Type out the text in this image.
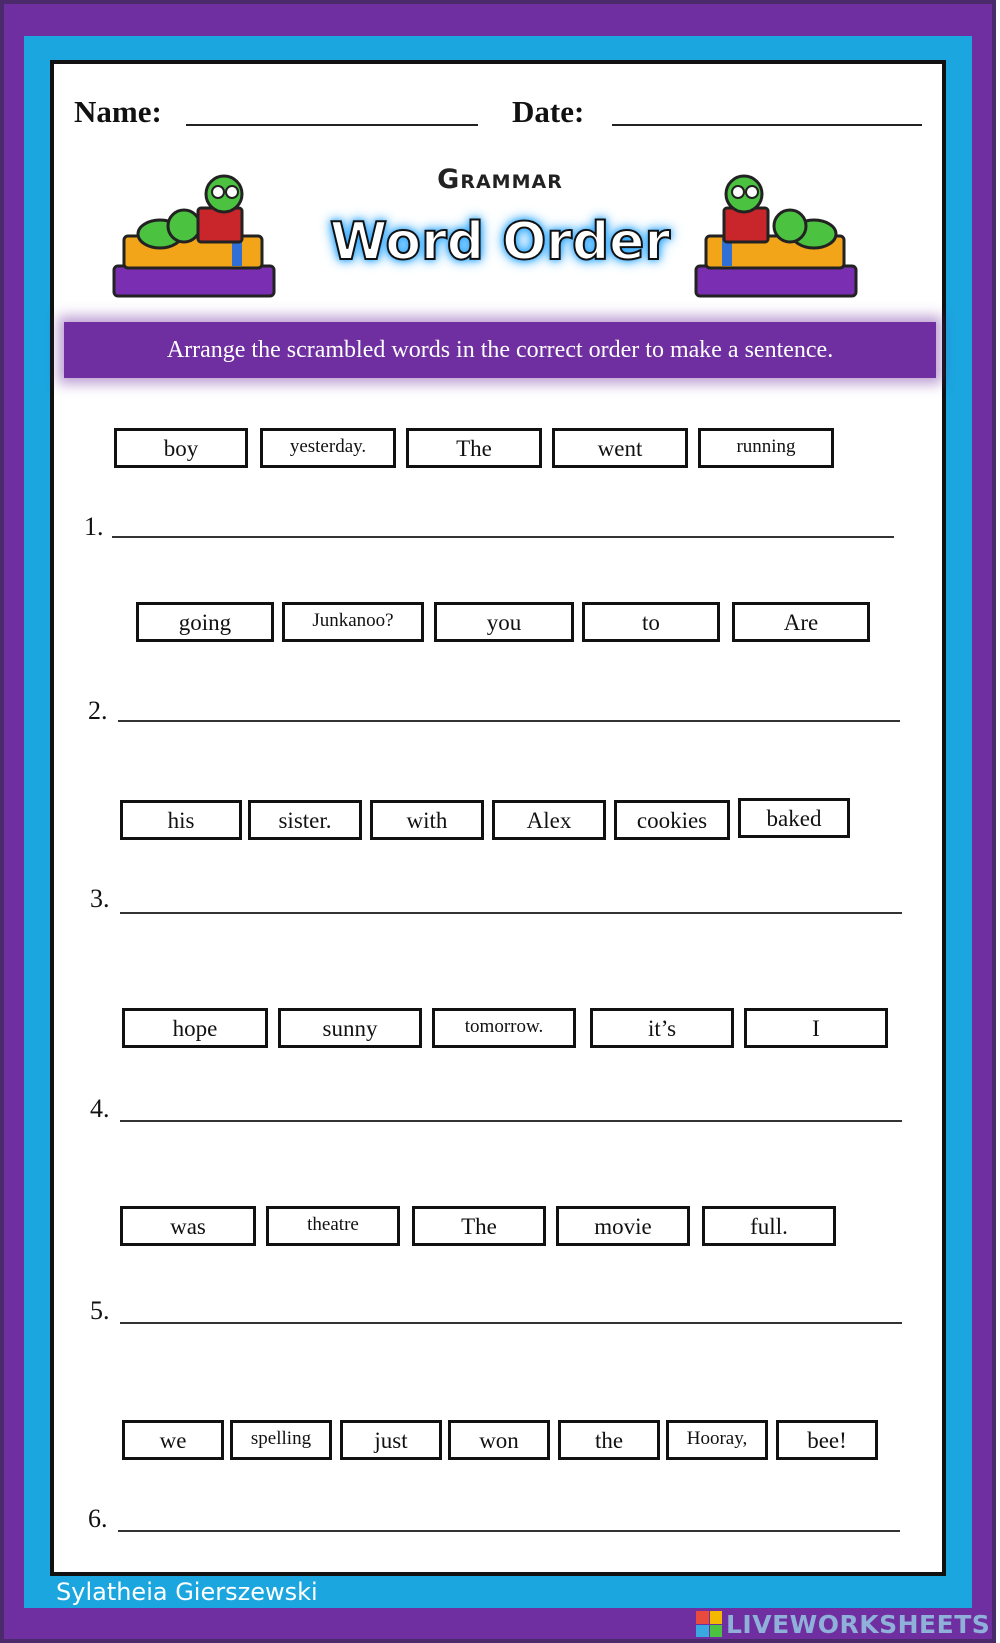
Name:	Date:
Grammar
Word Order
Arrange the scrambled words in the correct order to make a sentence.
boy	yesterday.	The	went	running
1.
going	Junkanoo?	you	to	Are
2.
his	sister.	with	Alex	cookies	baked
3.
hope	sunny	tomorrow.	it’s	I
4.
was	theatre	The	movie	full.
5.
we	spelling	just	won	the	Hooray,	bee!
6.
Sylatheia Gierszewski
LIVEWORKSHEETS
